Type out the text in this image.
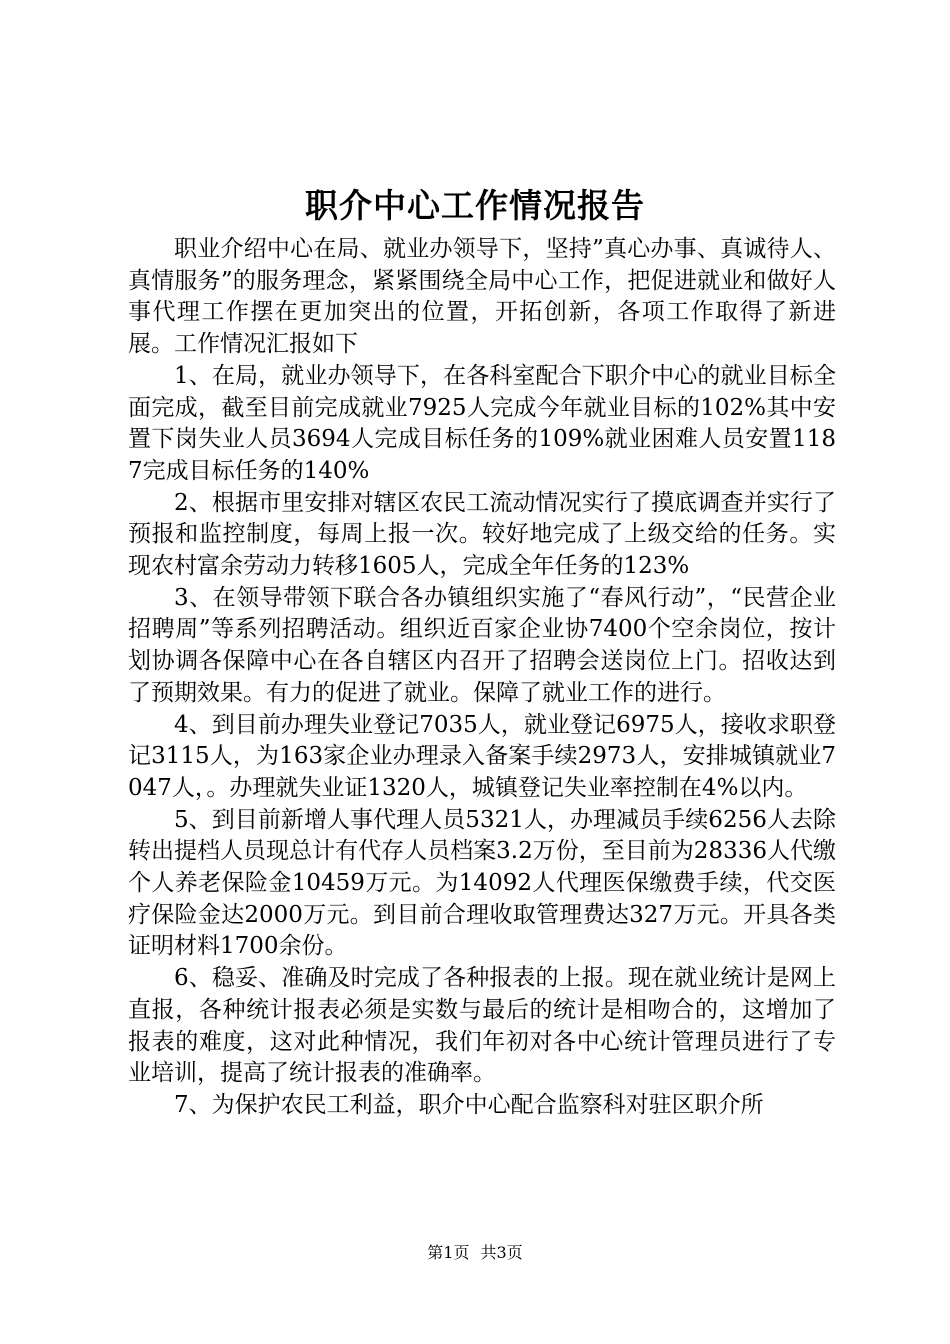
职介中心工作情况报告

职业介绍中心在局、就业办领导下，坚持”真心办事、真诚待人、真情服务”的服务理念，紧紧围绕全局中心工作，把促进就业和做好人事代理工作摆在更加突出的位置，开拓创新，各项工作取得了新进展。工作情况汇报如下

1、在局，就业办领导下，在各科室配合下职介中心的就业目标全面完成，截至目前完成就业7925人完成今年就业目标的102%其中安置下岗失业人员3694人完成目标任务的109%就业困难人员安置1187完成目标任务的140%

2、根据市里安排对辖区农民工流动情况实行了摸底调查并实行了预报和监控制度，每周上报一次。较好地完成了上级交给的任务。实现农村富余劳动力转移1605人，完成全年任务的123%

3、在领导带领下联合各办镇组织实施了“春风行动”，“民营企业招聘周”等系列招聘活动。组织近百家企业协7400个空余岗位，按计划协调各保障中心在各自辖区内召开了招聘会送岗位上门。招收达到了预期效果。有力的促进了就业。保障了就业工作的进行。

4、到目前办理失业登记7035人，就业登记6975人，接收求职登记3115人，为163家企业办理录入备案手续2973人，安排城镇就业7047人，。办理就失业证1320人，城镇登记失业率控制在4%以内。

5、到目前新增人事代理人员5321人，办理减员手续6256人去除转出提档人员现总计有代存人员档案3.2万份，至目前为28336人代缴个人养老保险金10459万元。为14092人代理医保缴费手续，代交医疗保险金达2000万元。到目前合理收取管理费达327万元。开具各类证明材料1700余份。

6、稳妥、准确及时完成了各种报表的上报。现在就业统计是网上直报，各种统计报表必须是实数与最后的统计是相吻合的，这增加了报表的难度，这对此种情况，我们年初对各中心统计管理员进行了专业培训，提高了统计报表的准确率。

7、为保护农民工利益，职介中心配合监察科对驻区职介所

第1页 共3页
